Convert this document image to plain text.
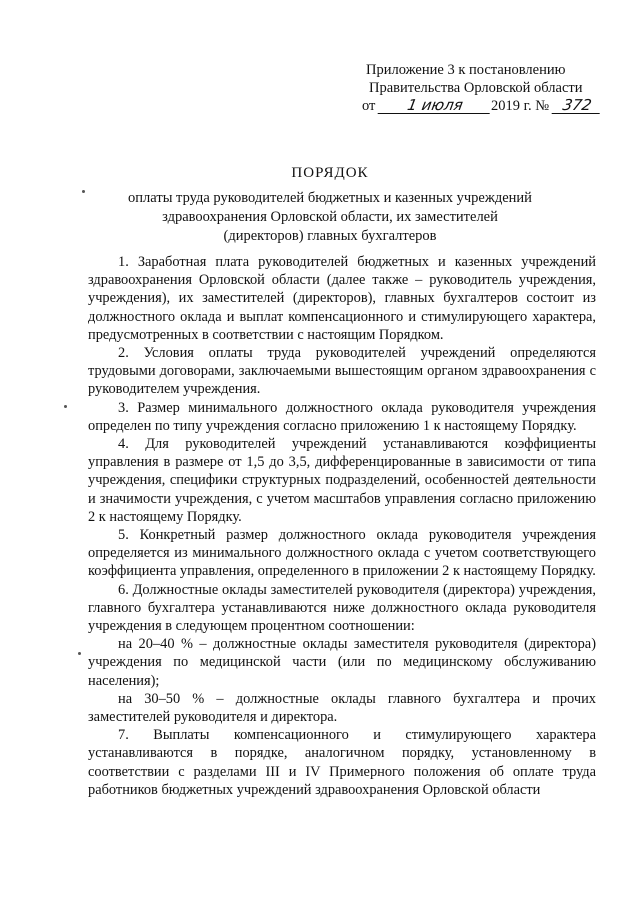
Приложение 3 к постановлению
Правительства Орловской области
от 1 июля 2019 г. № 372
ПОРЯДОК
оплаты труда руководителей бюджетных и казенных учреждений
здравоохранения Орловской области, их заместителей
(директоров) главных бухгалтеров

1. Заработная плата руководителей бюджетных и казенных учреждений здравоохранения Орловской области (далее также – руководитель учреждения, учреждения), их заместителей (директоров), главных бухгалтеров состоит из должностного оклада и выплат компенсационного и стимулирующего характера, предусмотренных в соответствии с настоящим Порядком.

2. Условия оплаты труда руководителей учреждений определяются трудовыми договорами, заключаемыми вышестоящим органом здравоохранения с руководителем учреждения.

3. Размер минимального должностного оклада руководителя учреждения определен по типу учреждения согласно приложению 1 к настоящему Порядку.

4. Для руководителей учреждений устанавливаются коэффициенты управления в размере от 1,5 до 3,5, дифференцированные в зависимости от типа учреждения, специфики структурных подразделений, особенностей деятельности и значимости учреждения, с учетом масштабов управления согласно приложению 2 к настоящему Порядку.

5. Конкретный размер должностного оклада руководителя учреждения определяется из минимального должностного оклада с учетом соответствующего коэффициента управления, определенного в приложении 2 к настоящему Порядку.

6. Должностные оклады заместителей руководителя (директора) учреждения, главного бухгалтера устанавливаются ниже должностного оклада руководителя учреждения в следующем процентном соотношении:

на 20–40 % – должностные оклады заместителя руководителя (директора) учреждения по медицинской части (или по медицинскому обслуживанию населения);

на 30–50 % – должностные оклады главного бухгалтера и прочих заместителей руководителя и директора.

7. Выплаты компенсационного и стимулирующего характера устанавливаются в порядке, аналогичном порядку, установленному в соответствии с разделами III и IV Примерного положения об оплате труда работников бюджетных учреждений здравоохранения Орловской области
